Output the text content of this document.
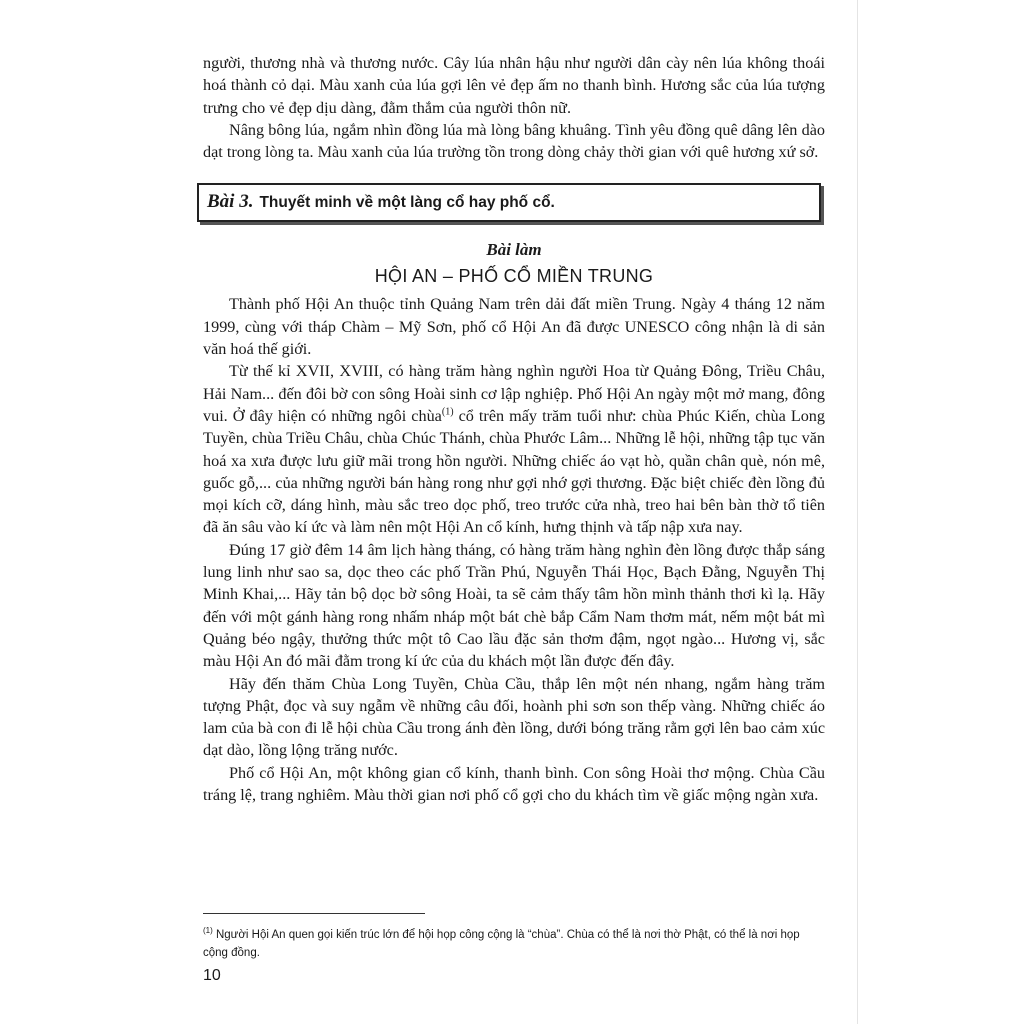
người, thương nhà và thương nước. Cây lúa nhân hậu như người dân cày nên lúa không thoái hoá thành cỏ dại. Màu xanh của lúa gợi lên vẻ đẹp ấm no thanh bình. Hương sắc của lúa tượng trưng cho vẻ đẹp dịu dàng, đằm thắm của người thôn nữ.

Nâng bông lúa, ngắm nhìn đồng lúa mà lòng bâng khuâng. Tình yêu đồng quê dâng lên dào dạt trong lòng ta. Màu xanh của lúa trường tồn trong dòng chảy thời gian với quê hương xứ sở.

Bài 3. Thuyết minh về một làng cổ hay phố cổ.
Bài làm
HỘI AN – PHỐ CỔ MIỀN TRUNG

Thành phố Hội An thuộc tỉnh Quảng Nam trên dải đất miền Trung. Ngày 4 tháng 12 năm 1999, cùng với tháp Chàm – Mỹ Sơn, phố cổ Hội An đã được UNESCO công nhận là di sản văn hoá thế giới.

Từ thế kỉ XVII, XVIII, có hàng trăm hàng nghìn người Hoa từ Quảng Đông, Triều Châu, Hải Nam... đến đôi bờ con sông Hoài sinh cơ lập nghiệp. Phố Hội An ngày một mở mang, đông vui. Ở đây hiện có những ngôi chùa$^{(1)}$ cổ trên mấy trăm tuổi như: chùa Phúc Kiến, chùa Long Tuyền, chùa Triều Châu, chùa Chúc Thánh, chùa Phước Lâm... Những lễ hội, những tập tục văn hoá xa xưa được lưu giữ mãi trong hồn người. Những chiếc áo vạt hò, quần chân què, nón mê, guốc gỗ,... của những người bán hàng rong như gợi nhớ gợi thương. Đặc biệt chiếc đèn lồng đủ mọi kích cỡ, dáng hình, màu sắc treo dọc phố, treo trước cửa nhà, treo hai bên bàn thờ tổ tiên đã ăn sâu vào kí ức và làm nên một Hội An cổ kính, hưng thịnh và tấp nập xưa nay.

Đúng 17 giờ đêm 14 âm lịch hàng tháng, có hàng trăm hàng nghìn đèn lồng được thắp sáng lung linh như sao sa, dọc theo các phố Trần Phú, Nguyễn Thái Học, Bạch Đằng, Nguyễn Thị Minh Khai,... Hãy tản bộ dọc bờ sông Hoài, ta sẽ cảm thấy tâm hồn mình thảnh thơi kì lạ. Hãy đến với một gánh hàng rong nhấm nháp một bát chè bắp Cẩm Nam thơm mát, nếm một bát mì Quảng béo ngậy, thưởng thức một tô Cao lầu đặc sản thơm đậm, ngọt ngào... Hương vị, sắc màu Hội An đó mãi đằm trong kí ức của du khách một lần được đến đây.

Hãy đến thăm Chùa Long Tuyền, Chùa Cầu, thắp lên một nén nhang, ngắm hàng trăm tượng Phật, đọc và suy ngẫm về những câu đối, hoành phi sơn son thếp vàng. Những chiếc áo lam của bà con đi lễ hội chùa Cầu trong ánh đèn lồng, dưới bóng trăng rằm gợi lên bao cảm xúc dạt dào, lồng lộng trăng nước.

Phố cổ Hội An, một không gian cổ kính, thanh bình. Con sông Hoài thơ mộng. Chùa Cầu tráng lệ, trang nghiêm. Màu thời gian nơi phố cổ gợi cho du khách tìm về giấc mộng ngàn xưa.

$^{(1)}$ Người Hội An quen gọi kiến trúc lớn để hội họp công cộng là “chùa”. Chùa có thể là nơi thờ Phật, có thể là nơi họp cộng đồng.
10
